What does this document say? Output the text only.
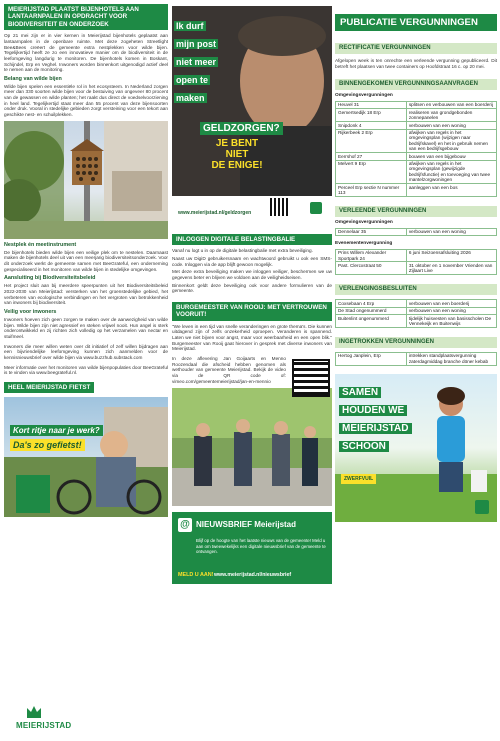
MEIERIJSTAD PLAATST BIJENHOTELS AAN LANTAARNPALEN IN OPDRACHT VOOR BIODIVERSITEIT EN ONDERZOEK
Op 21 mei zijn er in vier kernen in Meierijstad bijenhotels geplaatst aan lantaarnpalen in de openbare ruimte. Met deze zogeheten Streetlight Bee&Bees creëert de gemeente extra nestplekken voor wilde bijen. Tegelijkertijd heeft ze zo een innovatieve manier om de biodiversiteit in de leefomgeving langdurig te monitoren. De bijenhotels komen in Boskant, Schijndel, Erp en Veghel. Inwoners worden binnenkort uitgenodigd actief deel te nemen aan de monitoring.
Belang van wilde bijen
Wilde bijen spelen een essentiële rol in het ecosysteem. In Nederland zorgen meer dan 330 soorten wilde bijen voor de bestuiving van ongeveer 80 procent van de gewassen en wilde planten; het raakt dus direct de voedselvoorziening in heel land. Tegelijkertijd staat meer dan 55 procent van deze bijensoorten onder druk. Vooral in stedelijke gebieden zorgt versteining voor een tekort aan geschikte nest- en schuilplekken.
Nestplek én meetinstrument
De bijenhotels bieden wilde bijen een veilige plek om te nestelen. Daarnaast maken de bijenhotels deel uit van een meerjarig biodiversiteitsonderzoek. Voor dit onderzoek werkt de gemeente samen met BeeGrateful, een onderneming gespecialiseerd in het monitoren van wilde bijen in stedelijke omgevingen.
Aansluiting bij Biodiversiteitsbeleid
Het project sluit aan bij meerdere speerpunten uit het Biodiversiteitsbeleid 2022-2030 van Meierijstad: versterken van het groenstedelijke gebied, het verbeteren van ecologische verbindingen en het vergroten van betrokkenheid van inwoners bij biodiversiteit.
Veilig voor inwoners
Inwoners hoeven zich geen zorgen te maken over de aanwezigheid van wilde bijen. Wilde bijen zijn niet agressief en steken vrijwel nooit. Hun angel is sterk onderontwikkeld en zij richten zich volledig op het verzamelen van nectar en stuifmeel.
Inwoners die meer willen weten over dit initiatief of zelf willen bijdragen aan een bijvriendelijke leefomgeving kunnen zich aanmelden voor de kennisnieuwsbrief over wilde bijen via www.buzzhub.substack.com
Meer informatie over het monitoren van wilde bijenpopulaties door BeeGrateful is te vinden via www.beegrateful.nl.
HEEL MEIERIJSTAD FIETST
Kort ritje naar je werk?
Da's zo gefietst!
Ik durf
mijn post
niet meer
open te
maken
GELDZORGEN?
JE BENT
NIET
DE ENIGE!
www.meierijstad.nl/geldzorgen
INLOGGEN DIGITALE BELASTINGBALIE
Vanaf nu logt u in op de digitale belastingbalie met extra beveiliging.
Naast uw DigiD gebruikersnaam en wachtwoord gebruikt u ook een SMS-code. Inloggen via de app blijft gewoon mogelijk.
Met deze extra beveiliging maken we inloggen veiliger, beschermen we uw gegevens beter en blijven we voldoen aan de veiligheidseisen.
Binnenkort geldt deze beveiliging ook voor andere formulieren van de gemeente.
BURGEMEESTER VAN ROOIJ: MET VERTROUWEN VOORUIT!
"We leven in een tijd van snelle veranderingen en grote thema's. Die kunnen uitdagend zijn of zelfs onzekerheid oproepen. Veranderen is spannend. Laten we niet bijven voor angst, maar voor weerbaarheid en een open blik." Burgemeester van Rooij gaat hierover in gesprek met diverse inwoners van Meierijstad.
In deze aflevering Jan Goijaarts en Menno Roozendaal die afscheid hebben genomen als wethouder van gemeente Meierijstad. Bekijk de video via de QR code of: vimeo.com/gemeentemeierijstad/jan-en-mennio
@ NIEUWSBRIEF Meierijstad
Blijf op de hoogte van het laatste nieuws van de gemeente! Meld u aan om tweewekelijks een digitale nieuwsbrief van de gemeente te ontvangen.
MELD U AAN! www.meierijstad.nl/nieuwsbrief
PUBLICATIE VERGUNNINGEN
RECTIFICATIE VERGUNNINGEN
Afgelopen week is ten onrechte een verleende vergunning gepubliceerd. Dit betreft het plaatsen van twee containers op Hoofdstraat 16 c. op 20 mei.
BINNENGEKOMEN VERGUNNINGSAANVRAGEN
Omgevingsvergunningen
Heuvel 31	splitsen en verbouwen van een boerderij
Gemertsedijk 18 Erp	realiseren van grondgebonden zonnepanelen
Snipdonk 4	verbouwen van een woning
Rijkerbeek 2 Erp	afwijken van regels in het omgevingsplan (wijzigen naar bedrijfskavel) en het in gebruik nemen van een bedrijfsgebouw
Eerrshof 27	bouwen van een bijgebouw
Melvert 9 Erp	afwijken van regels in het omgevingsplan (gewijzigde bedrijfsfunctie) en toevoeging van twee mantelzorgwoningen
Perceel Erp sectie N nummer 113	aanleggen van een bos
VERLEENDE VERGUNNINGEN
Omgevingsvergunningen
Dennelaar 35	verbouwen van een woning
Evenementenvergunning
Prins Willem Alexander Sportpark 24	6 juni Seizoensafsluiting 2026
Past. Clercxstraat 50	31 oktober en 1 november Vrienden van Zijlaart Live
VERLENGINGSBESLUITEN
Coxsebaan 4 Erp	verbouwen van een boerderij
De Stad ongenummerd	verbouwen van een woning
Buitenlint ongenummerd	tijdelijk huisvesten van basisscholen De Vennekeijk en Buitenwijs
INGETROKKEN VERGUNNINGEN
Hertog Janplein, Erp	intrekken standplaatsvergunning zaterdagmiddag branche döner kebab
SAMEN
HOUDEN WE
MEIERIJSTAD
SCHOON
ZWERFVUIL
MEIERIJSTAD
